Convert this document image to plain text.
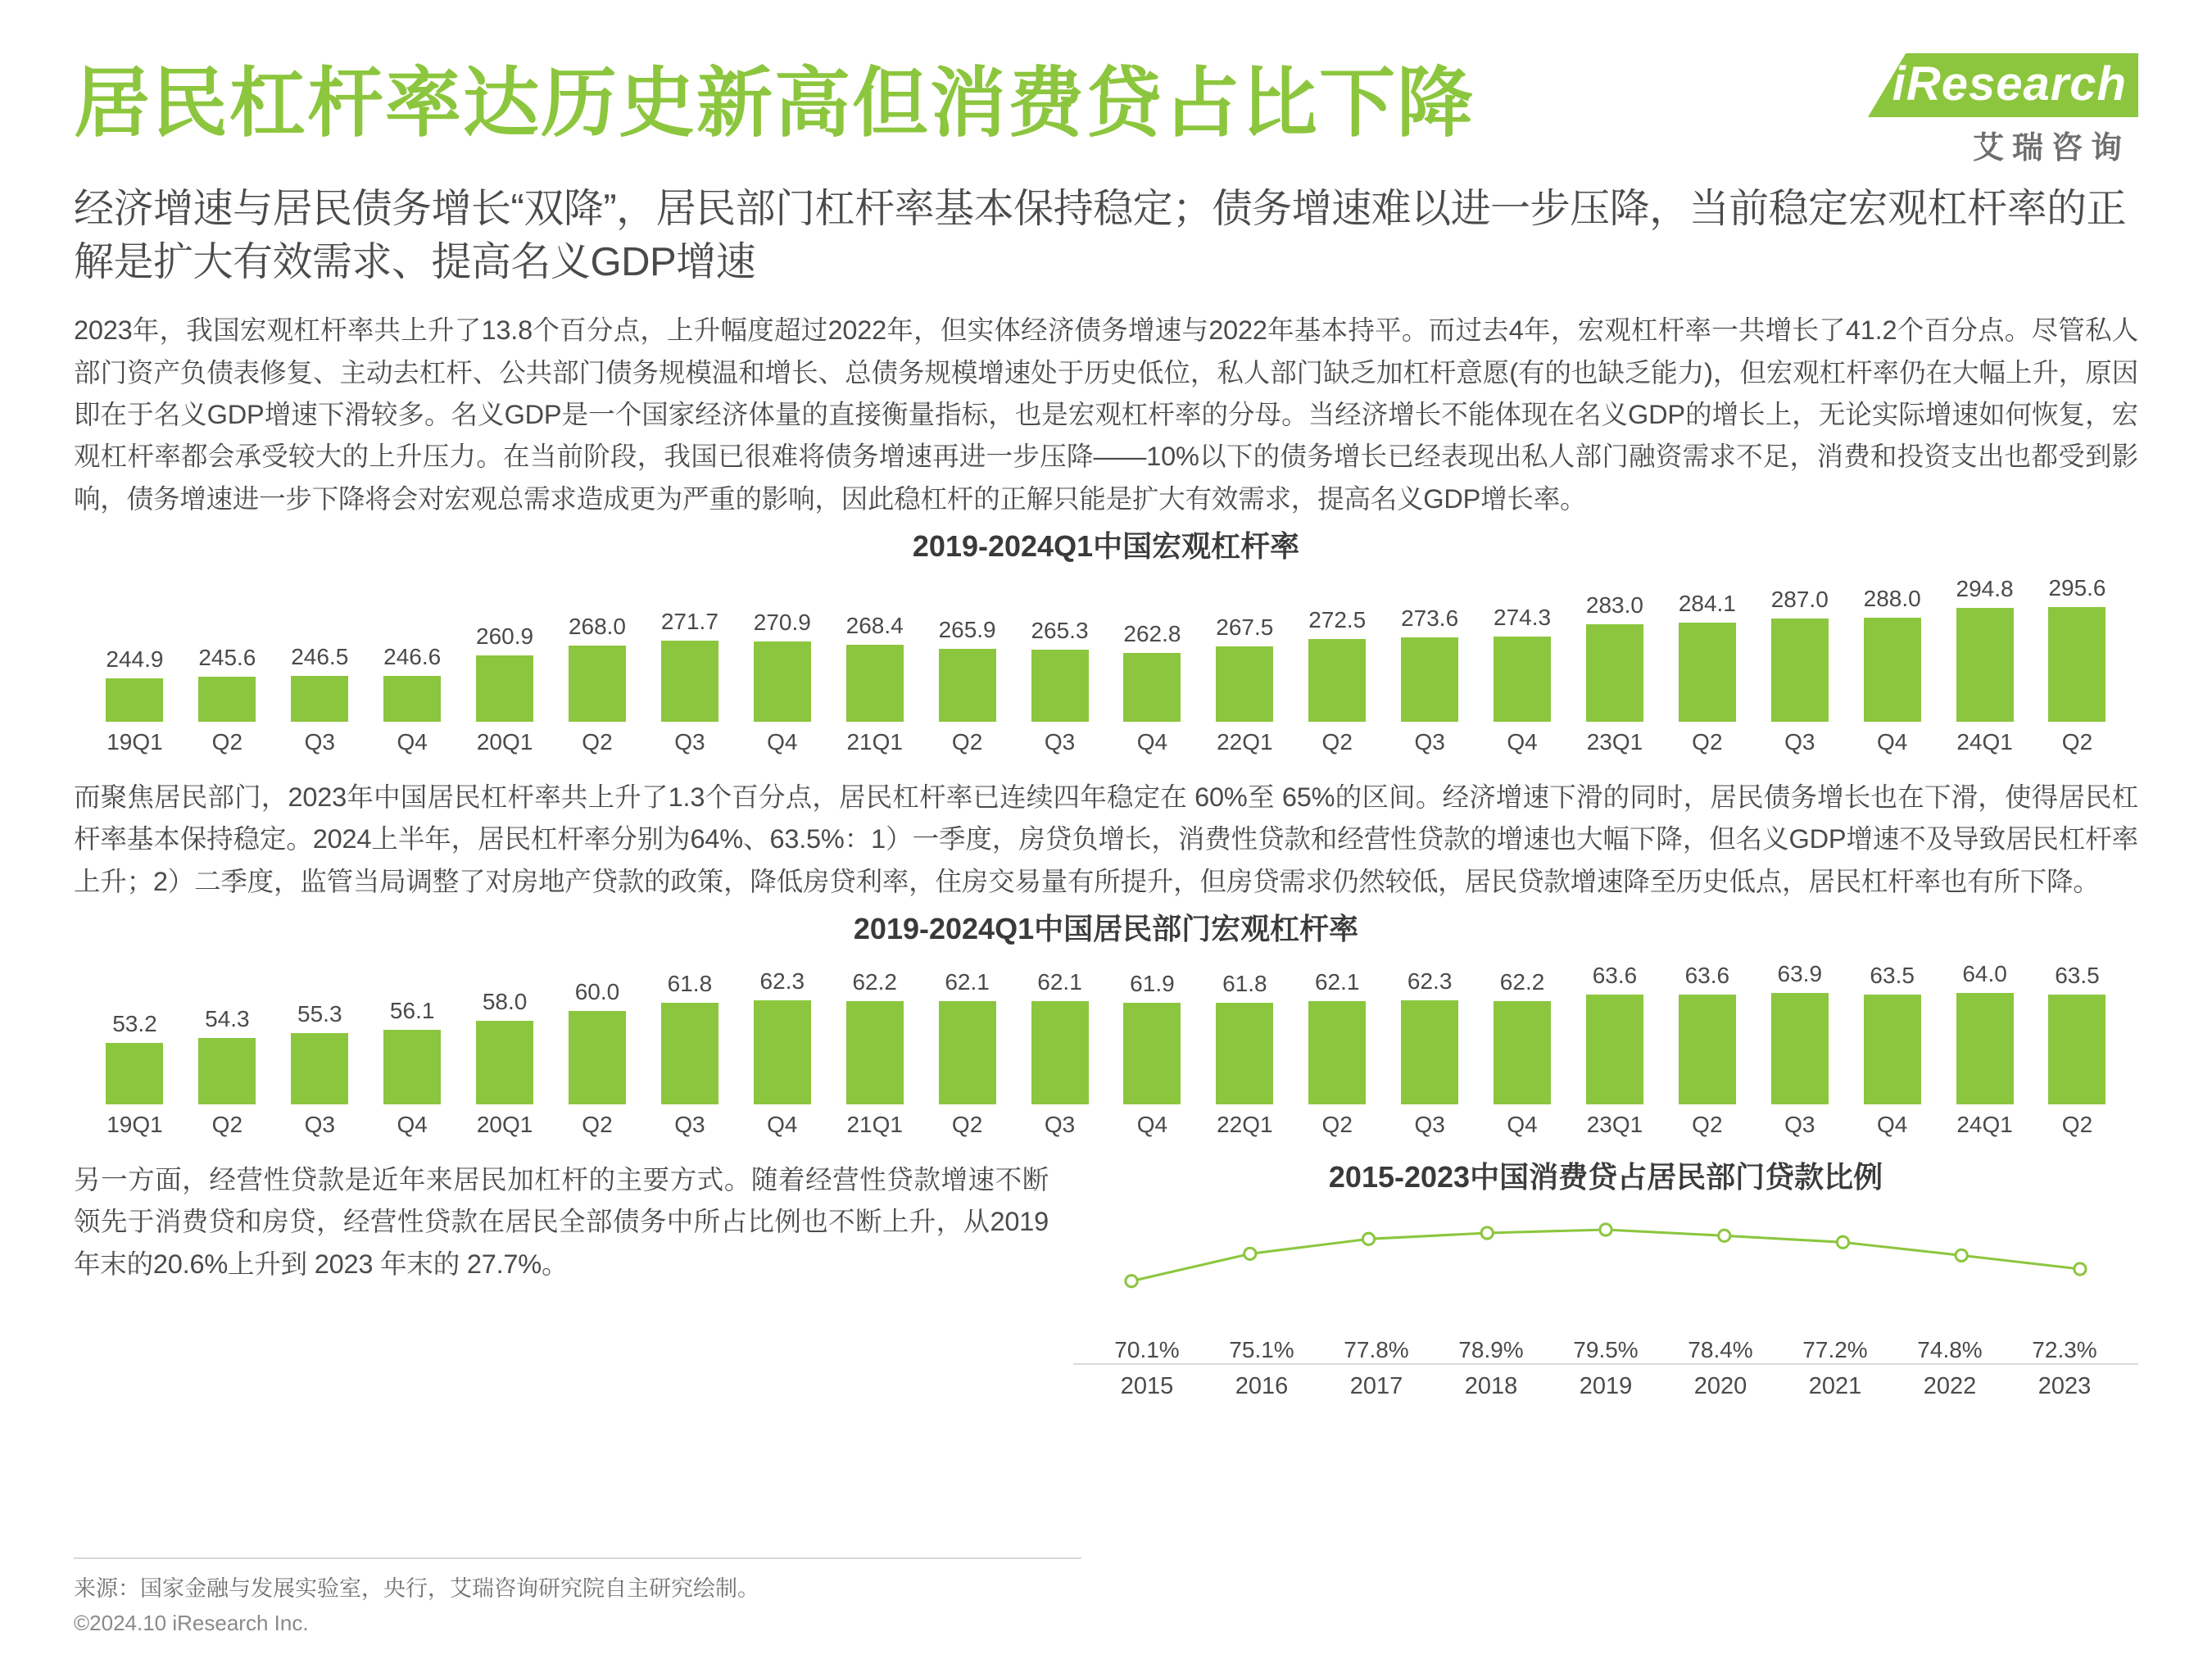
居民杠杆率达历史新高但消费贷占比下降	iResearch
艾瑞咨询
经济增速与居民债务增长“双降”，居民部门杠杆率基本保持稳定；债务增速难以进一步压降，当前稳定宏观杠杆率的正解是扩大有效需求、提高名义GDP增速
2023年，我国宏观杠杆率共上升了13.8个百分点，上升幅度超过2022年，但实体经济债务增速与2022年基本持平。而过去4年，宏观杠杆率一共增长了41.2个百分点。尽管私人部门资产负债表修复、主动去杠杆、公共部门债务规模温和增长、总债务规模增速处于历史低位，私人部门缺乏加杠杆意愿(有的也缺乏能力)，但宏观杠杆率仍在大幅上升，原因即在于名义GDP增速下滑较多。名义GDP是一个国家经济体量的直接衡量指标，也是宏观杠杆率的分母。当经济增长不能体现在名义GDP的增长上，无论实际增速如何恢复，宏观杠杆率都会承受较大的上升压力。在当前阶段，我国已很难将债务增速再进一步压降——10%以下的债务增长已经表现出私人部门融资需求不足，消费和投资支出也都受到影响，债务增速进一步下降将会对宏观总需求造成更为严重的影响，因此稳杠杆的正解只能是扩大有效需求，提高名义GDP增长率。
2019-2024Q1中国宏观杠杆率
244.9 245.6 246.5 246.6
260.9 268.0 271.7 270.9 268.4 265.9 265.3 262.8 267.5 272.5 273.6 274.3 283.0 284.1 287.0 288.0 294.8 295.6
19Q1	Q2	Q3	Q4	20Q1	Q2	Q3	Q4	21Q1	Q2	Q3	Q4	22Q1	Q2	Q3	Q4	23Q1	Q2	Q3	Q4	24Q1	Q2
而聚焦居民部门，2023年中国居民杠杆率共上升了1.3个百分点，居民杠杆率已连续四年稳定在 60%至 65%的区间。经济增速下滑的同时，居民债务增长也在下滑，使得居民杠杆率基本保持稳定。2024上半年，居民杠杆率分别为64%、63.5%：1）一季度，房贷负增长，消费性贷款和经营性贷款的增速也大幅下降，但名义GDP增速不及导致居民杠杆率上升；2）二季度，监管当局调整了对房地产贷款的政策，降低房贷利率，住房交易量有所提升，但房贷需求仍然较低，居民贷款增速降至历史低点，居民杠杆率也有所下降。
2019-2024Q1中国居民部门宏观杠杆率
53.2 54.3 55.3 56.1 58.0 60.0 61.8 62.3 62.2 62.1 62.1 61.9 61.8 62.1 62.3 62.2 63.6 63.6 63.9 63.5 64.0 63.5
19Q1	Q2	Q3	Q4	20Q1	Q2	Q3	Q4	21Q1	Q2	Q3	Q4	22Q1	Q2	Q3	Q4	23Q1	Q2	Q3	Q4	24Q1	Q2
另一方面，经营性贷款是近年来居民加杠杆的主要方式。随着经营性贷款增速不断领先于消费贷和房贷，经营性贷款在居民全部债务中所占比例也不断上升，从2019年末的20.6%上升到 2023 年末的 27.7%。
2015-2023中国消费贷占居民部门贷款比例
70.1%	75.1%	77.8%	78.9%	79.5%	78.4%	77.2%	74.8%	72.3%
2015	2016	2017	2018	2019	2020	2021	2022	2023
来源：国家金融与发展实验室，央行，艾瑞咨询研究院自主研究绘制。
©2024.10 iResearch Inc.
